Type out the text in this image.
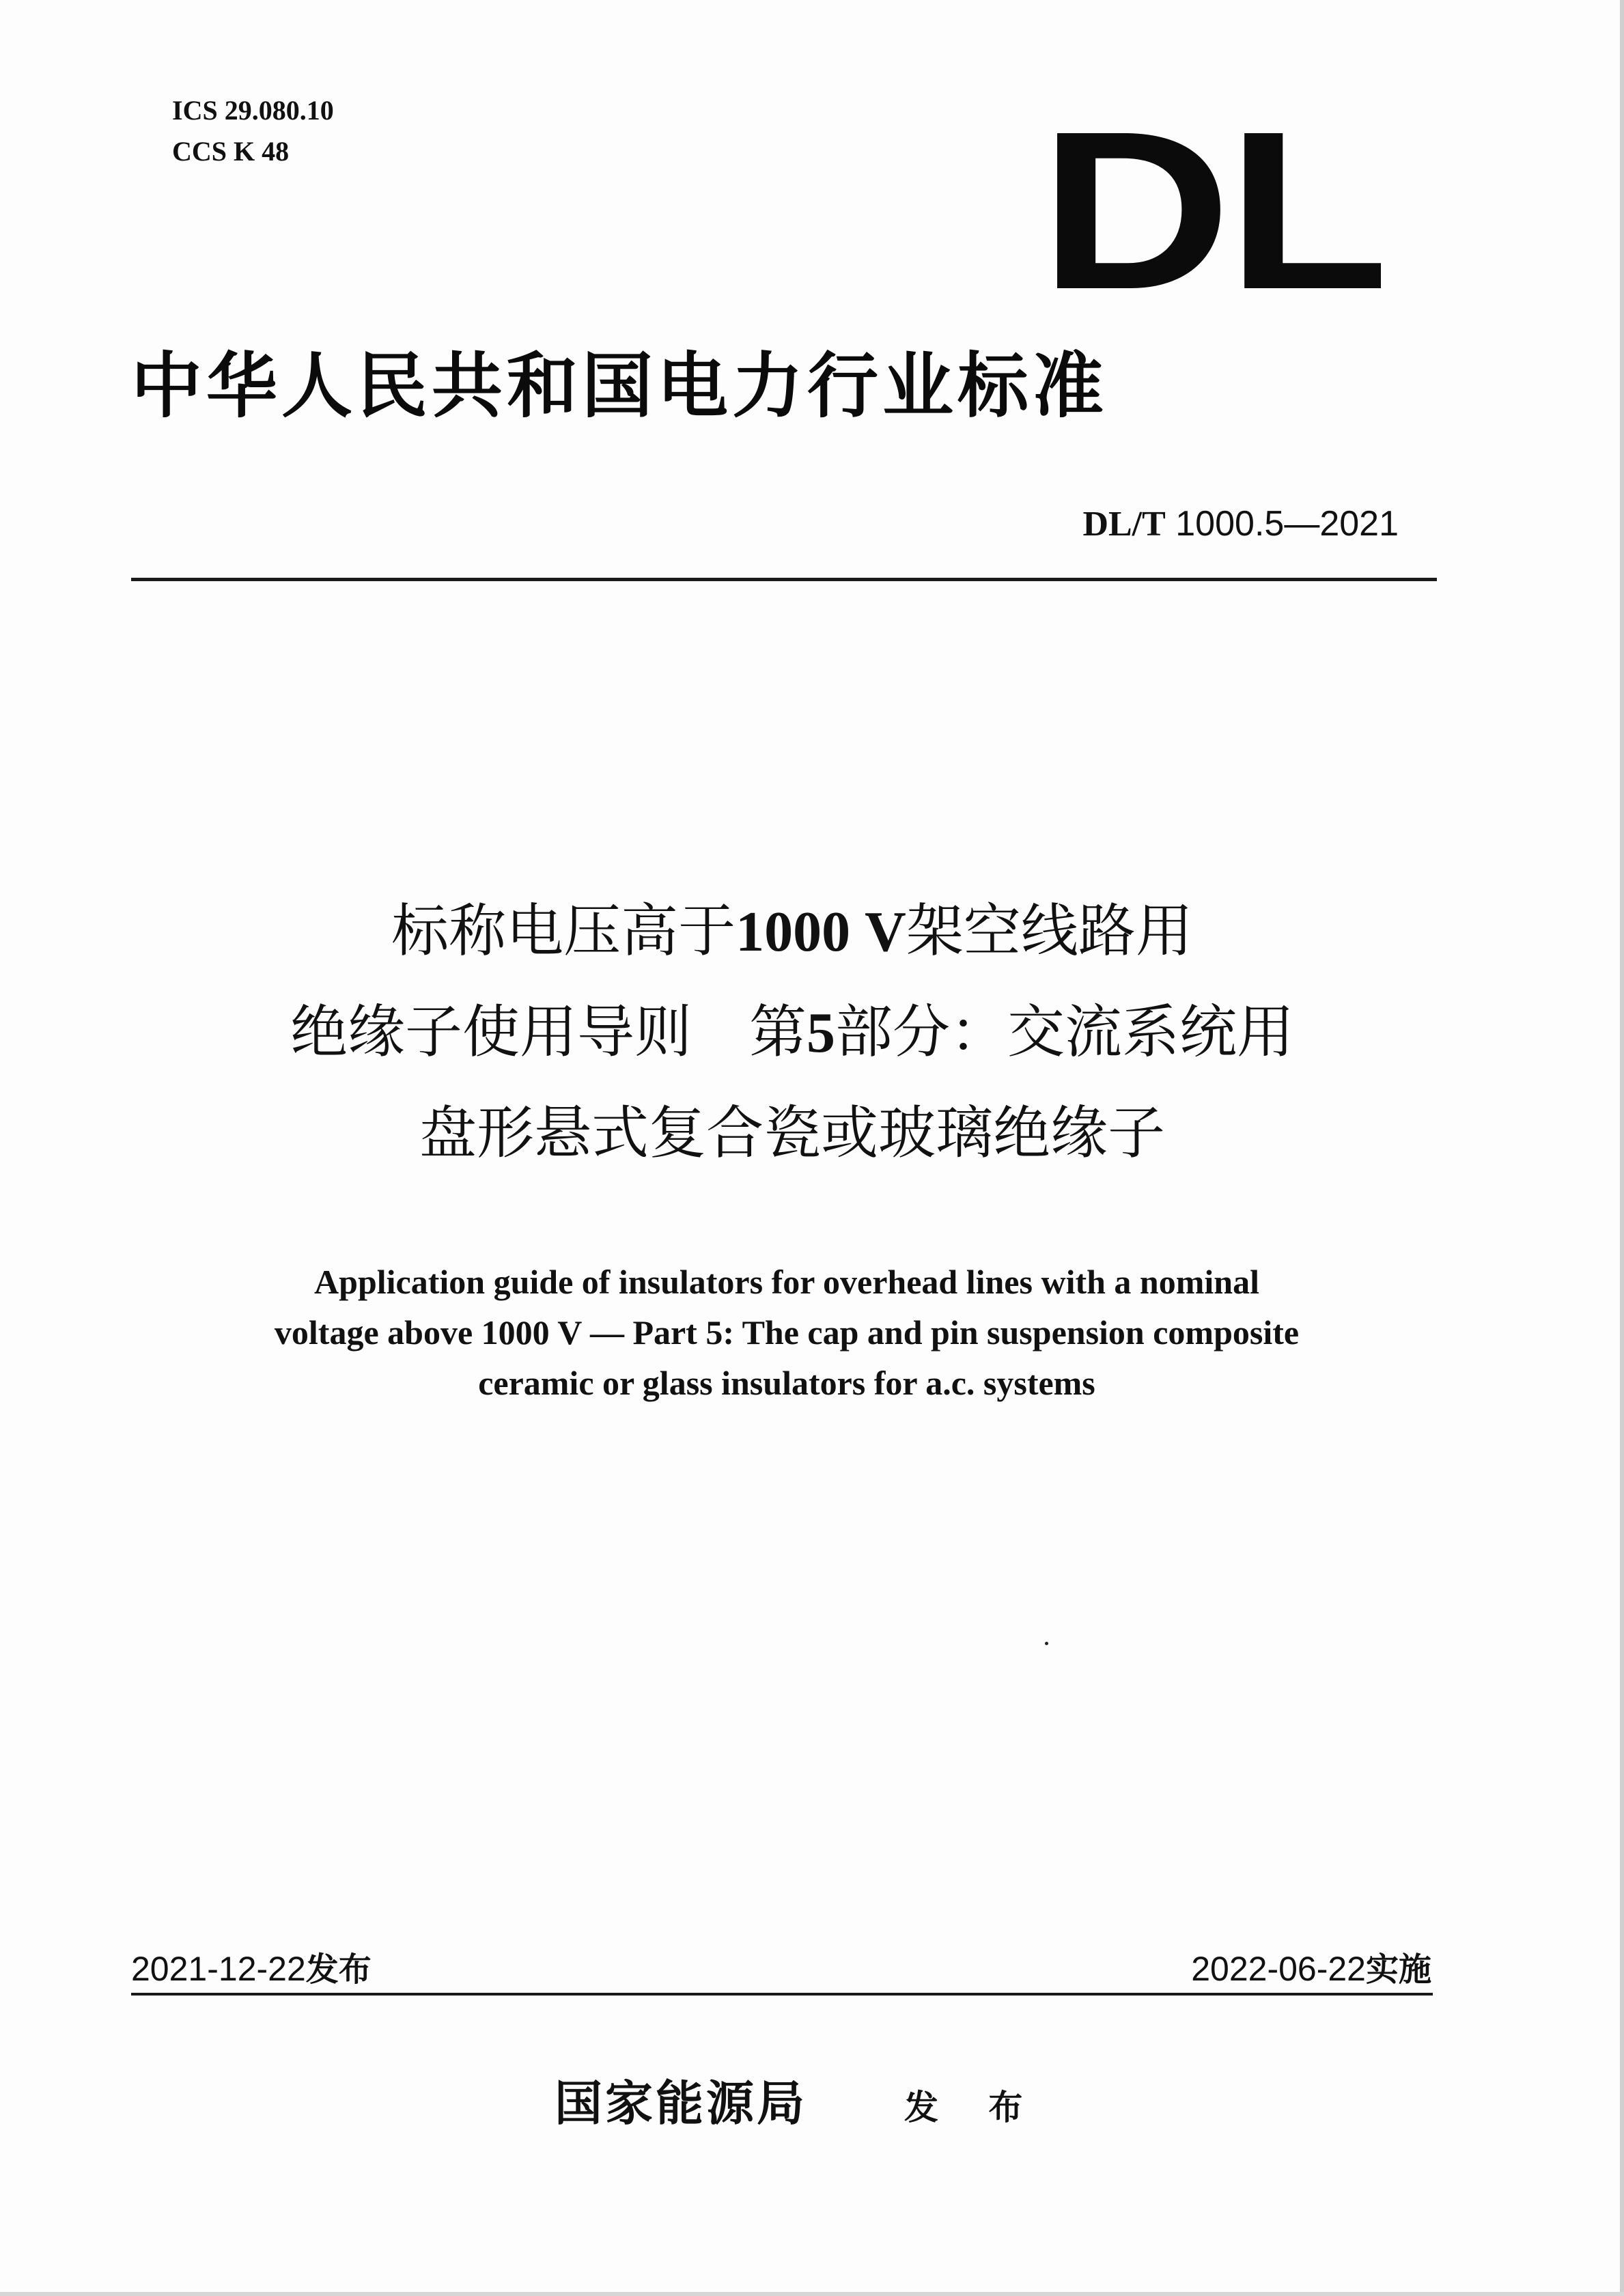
ICS 29.080.10
CCS K 48	DL
中华人民共和国电力行业标准
DL/T 1000.5—2021
标称电压高于1000 V架空线路用
绝缘子使用导则　第5部分：交流系统用
盘形悬式复合瓷或玻璃绝缘子
Application guide of insulators for overhead lines with a nominal
voltage above 1000 V — Part 5: The cap and pin suspension composite
ceramic or glass insulators for a.c. systems
2021-12-22发布	2022-06-22实施
国家能源局	发 布
